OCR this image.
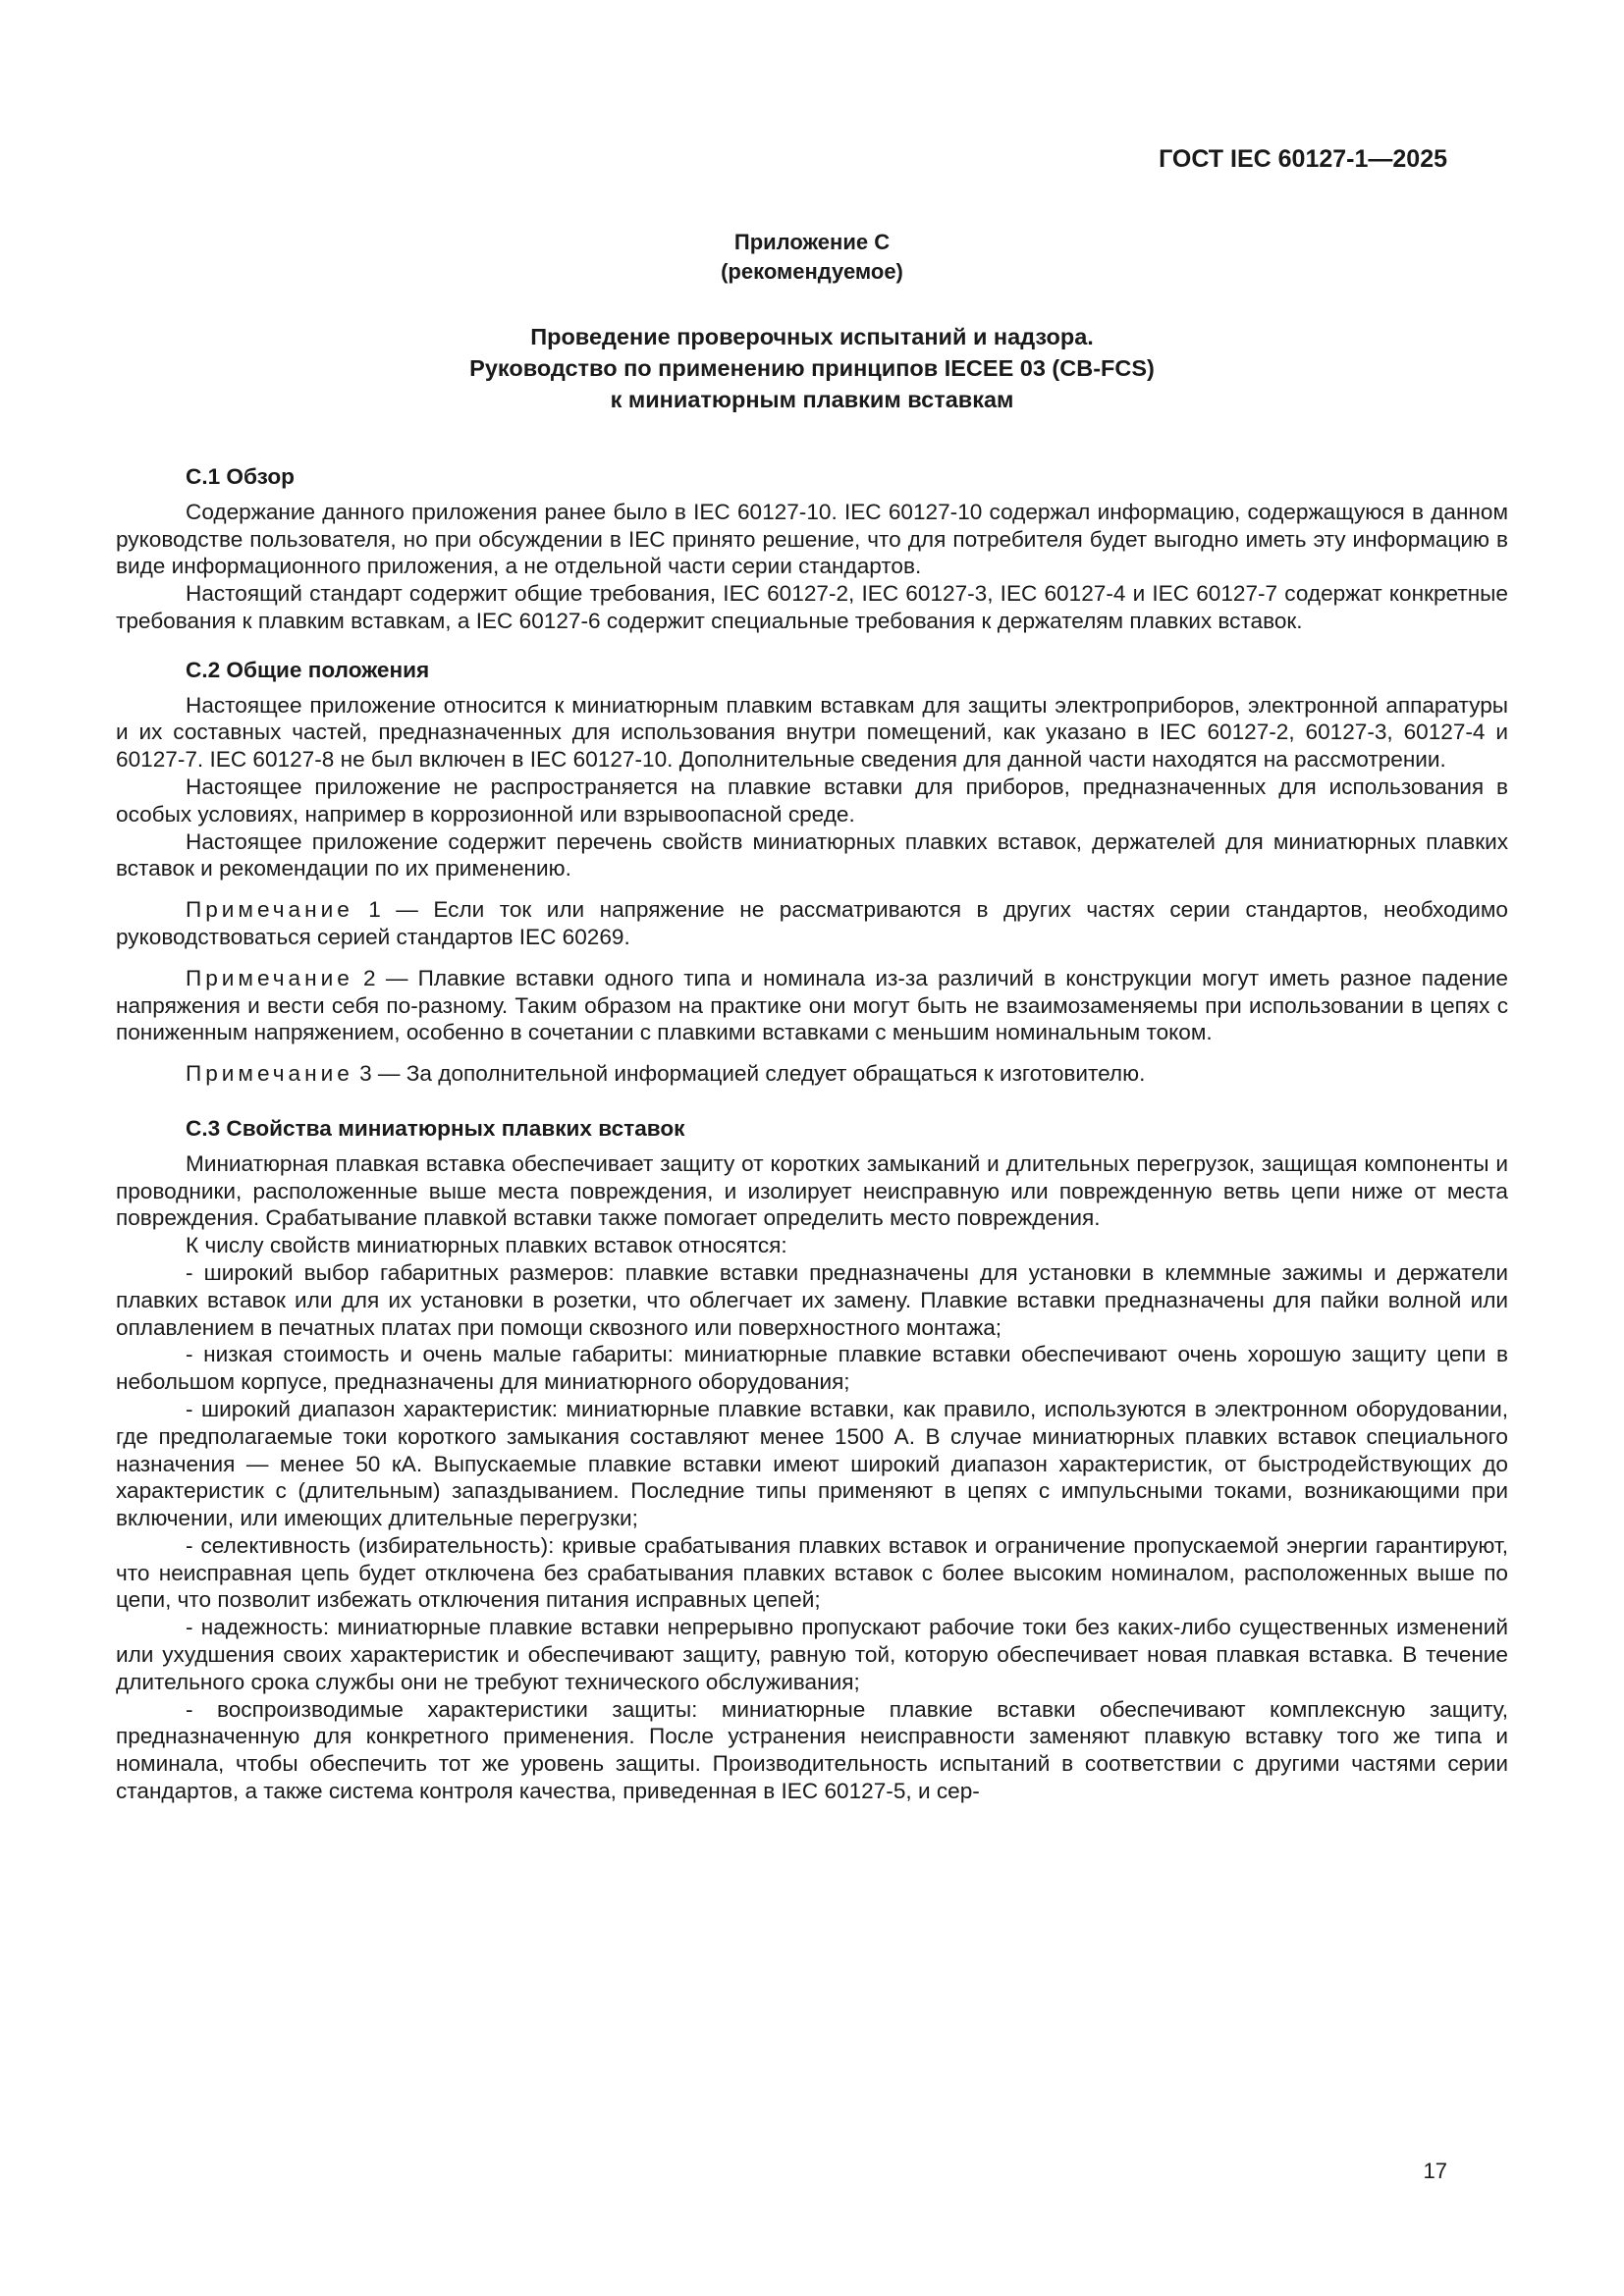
ГОСТ IEC 60127-1—2025
Приложение С
(рекомендуемое)
Проведение проверочных испытаний и надзора.
Руководство по применению принципов IECEE 03 (CB-FCS)
к миниатюрным плавким вставкам

С.1 Обзор

Содержание данного приложения ранее было в IEC 60127-10. IEC 60127-10 содержал информацию, содержащуюся в данном руководстве пользователя, но при обсуждении в IEC принято решение, что для потребителя будет выгодно иметь эту информацию в виде информационного приложения, а не отдельной части серии стандартов.

Настоящий стандарт содержит общие требования, IEC 60127-2, IEC 60127-3, IEC 60127-4 и IEC 60127-7 содержат конкретные требования к плавким вставкам, а IEC 60127-6 содержит специальные требования к держателям плавких вставок.

С.2 Общие положения

Настоящее приложение относится к миниатюрным плавким вставкам для защиты электроприборов, электронной аппаратуры и их составных частей, предназначенных для использования внутри помещений, как указано в IEC 60127-2, 60127-3, 60127-4 и 60127-7. IEC 60127-8 не был включен в IEC 60127-10. Дополнительные сведения для данной части находятся на рассмотрении.

Настоящее приложение не распространяется на плавкие вставки для приборов, предназначенных для использования в особых условиях, например в коррозионной или взрывоопасной среде.

Настоящее приложение содержит перечень свойств миниатюрных плавких вставок, держателей для миниатюрных плавких вставок и рекомендации по их применению.

Примечание 1 — Если ток или напряжение не рассматриваются в других частях серии стандартов, необходимо руководствоваться серией стандартов IEC 60269.

Примечание 2 — Плавкие вставки одного типа и номинала из-за различий в конструкции могут иметь разное падение напряжения и вести себя по-разному. Таким образом на практике они могут быть не взаимозаменяемы при использовании в цепях с пониженным напряжением, особенно в сочетании с плавкими вставками с меньшим номинальным током.

Примечание 3 — За дополнительной информацией следует обращаться к изготовителю.

С.3 Свойства миниатюрных плавких вставок

Миниатюрная плавкая вставка обеспечивает защиту от коротких замыканий и длительных перегрузок, защищая компоненты и проводники, расположенные выше места повреждения, и изолирует неисправную или поврежденную ветвь цепи ниже от места повреждения. Срабатывание плавкой вставки также помогает определить место повреждения.

К числу свойств миниатюрных плавких вставок относятся:

- широкий выбор габаритных размеров: плавкие вставки предназначены для установки в клеммные зажимы и держатели плавких вставок или для их установки в розетки, что облегчает их замену. Плавкие вставки предназначены для пайки волной или оплавлением в печатных платах при помощи сквозного или поверхностного монтажа;

- низкая стоимость и очень малые габариты: миниатюрные плавкие вставки обеспечивают очень хорошую защиту цепи в небольшом корпусе, предназначены для миниатюрного оборудования;

- широкий диапазон характеристик: миниатюрные плавкие вставки, как правило, используются в электронном оборудовании, где предполагаемые токи короткого замыкания составляют менее 1500 А. В случае миниатюрных плавких вставок специального назначения — менее 50 кА. Выпускаемые плавкие вставки имеют широкий диапазон характеристик, от быстродействующих до характеристик с (длительным) запаздыванием. Последние типы применяют в цепях с импульсными токами, возникающими при включении, или имеющих длительные перегрузки;

- селективность (избирательность): кривые срабатывания плавких вставок и ограничение пропускаемой энергии гарантируют, что неисправная цепь будет отключена без срабатывания плавких вставок с более высоким номиналом, расположенных выше по цепи, что позволит избежать отключения питания исправных цепей;

- надежность: миниатюрные плавкие вставки непрерывно пропускают рабочие токи без каких-либо существенных изменений или ухудшения своих характеристик и обеспечивают защиту, равную той, которую обеспечивает новая плавкая вставка. В течение длительного срока службы они не требуют технического обслуживания;

- воспроизводимые характеристики защиты: миниатюрные плавкие вставки обеспечивают комплексную защиту, предназначенную для конкретного применения. После устранения неисправности заменяют плавкую вставку того же типа и номинала, чтобы обеспечить тот же уровень защиты. Производительность испытаний в соответствии с другими частями серии стандартов, а также система контроля качества, приведенная в IEC 60127-5, и сер-

17
